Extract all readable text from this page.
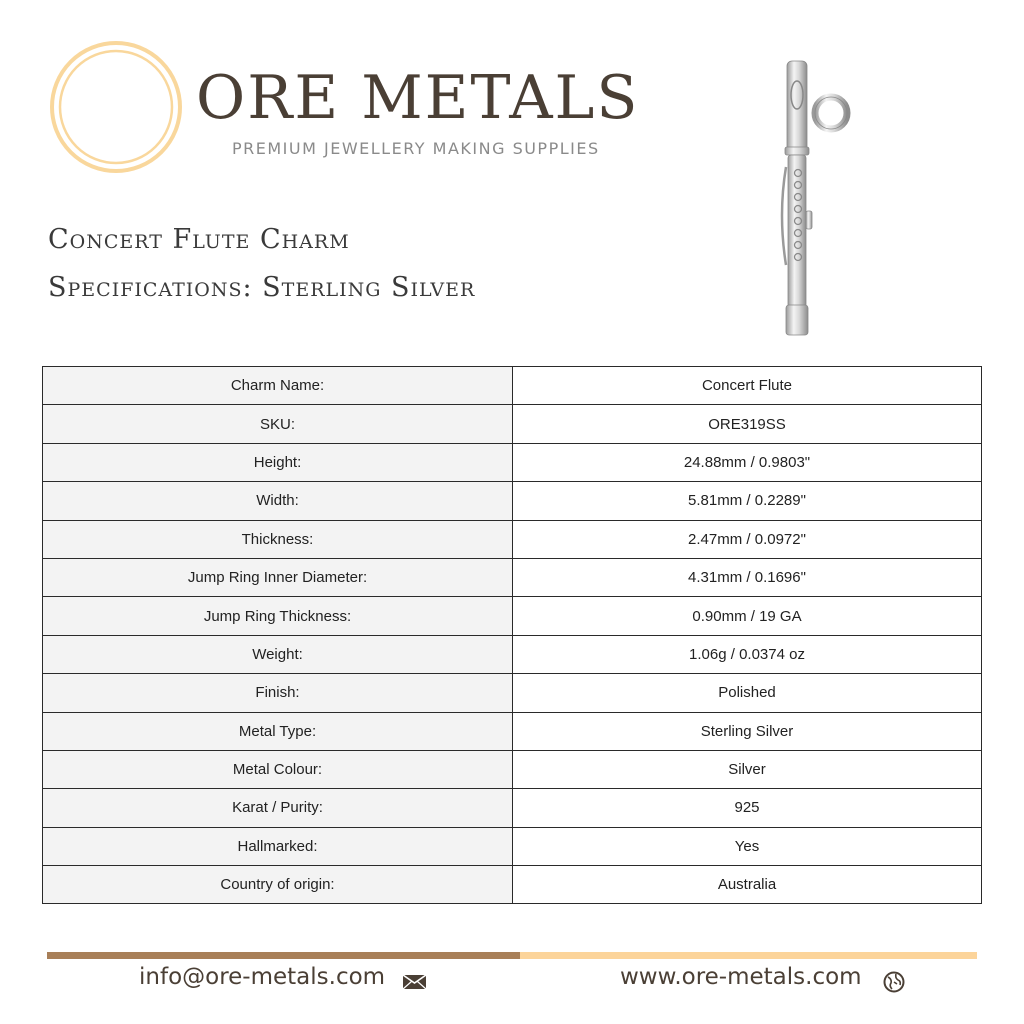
ORE METALS
PREMIUM JEWELLERY MAKING SUPPLIES
Concert Flute Charm
Specifications: Sterling Silver
Charm Name:	Concert Flute
SKU:	ORE319SS
Height:	24.88mm / 0.9803"
Width:	5.81mm / 0.2289"
Thickness:	2.47mm / 0.0972"
Jump Ring Inner Diameter:	4.31mm / 0.1696"
Jump Ring Thickness:	0.90mm / 19 GA
Weight:	1.06g / 0.0374 oz
Finish:	Polished
Metal Type:	Sterling Silver
Metal Colour:	Silver
Karat / Purity:	925
Hallmarked:	Yes
Country of origin:	Australia
info@ore-metals.com	www.ore-metals.com
